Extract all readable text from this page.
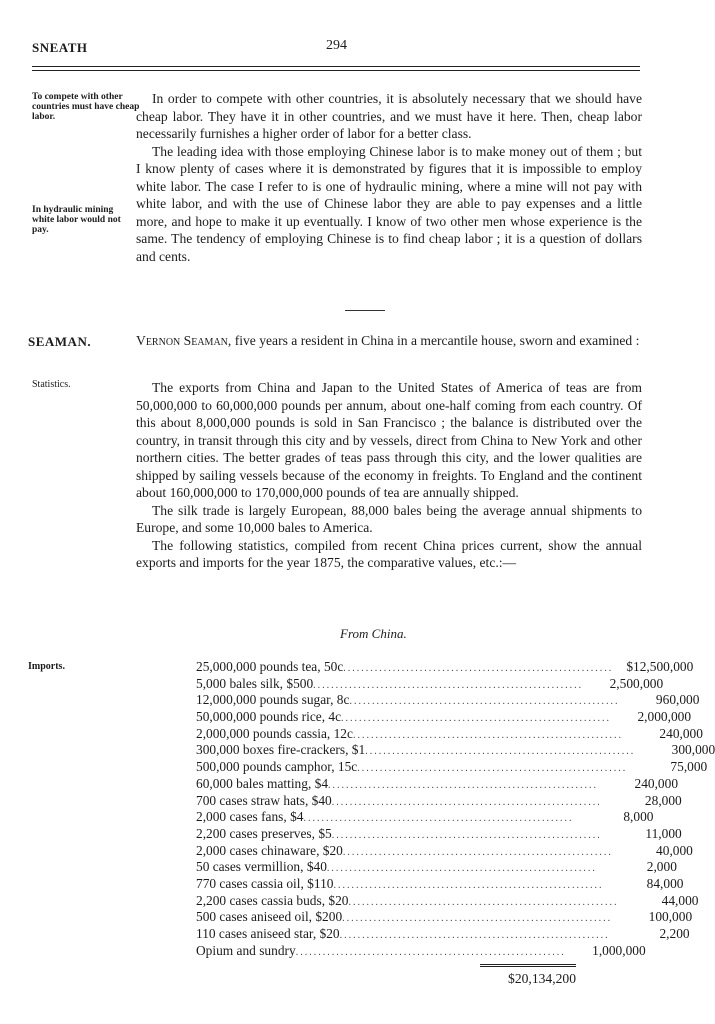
SNEATH	294
To compete with other countries must have cheap labor.
In hydraulic mining white labor would not pay.

In order to compete with other countries, it is absolutely necessary that we should have cheap labor. They have it in other countries, and we must have it here. Then, cheap labor necessarily furnishes a higher order of labor for a better class.

The leading idea with those employing Chinese labor is to make money out of them ; but I know plenty of cases where it is demonstrated by figures that it is impossible to employ white labor. The case I refer to is one of hydraulic mining, where a mine will not pay with white labor, and with the use of Chinese labor they are able to pay expenses and a little more, and hope to make it up eventually. I know of two other men whose experience is the same. The tendency of employing Chinese is to find cheap labor ; it is a question of dollars and cents.

SEAMAN.	Vernon Seaman, five years a resident in China in a mercantile house, sworn and examined :
Statistics.	The exports from China and Japan to the United States of America of teas are from 50,000,000 to 60,000,000 pounds per annum, about one-half coming from each country. Of this about 8,000,000 pounds is sold in San Francisco ; the balance is distributed over the country, in transit through this city and by vessels, direct from China to New York and other northern cities. The better grades of teas pass through this city, and the lower qualities are shipped by sailing vessels because of the economy in freights. To England and the continent about 160,000,000 to 170,000,000 pounds of tea are annually shipped.

The silk trade is largely European, 88,000 bales being the average annual shipments to Europe, and some 10,000 bales to America.

The following statistics, compiled from recent China prices current, show the annual exports and imports for the year 1875, the comparative values, etc.:—

From China.
Imports.	25,000,000 pounds tea, 50c ............................................................ $12,500,000
5,000 bales silk, $500 ............................................................	2,500,000
12,000,000 pounds sugar, 8c ............................................................	960,000
50,000,000 pounds rice, 4c ............................................................	2,000,000
2,000,000 pounds cassia, 12c ............................................................	240,000
300,000 boxes fire-crackers, $1 ............................................................	300,000
500,000 pounds camphor, 15c ............................................................	75,000
60,000 bales matting, $4 ............................................................	240,000
700 cases straw hats, $40 ............................................................	28,000
2,000 cases fans, $4 ............................................................	8,000
2,200 cases preserves, $5 ............................................................	11,000
2,000 cases chinaware, $20 ............................................................	40,000
50 cases vermillion, $40 ............................................................	2,000
770 cases cassia oil, $110 ............................................................	84,000
2,200 cases cassia buds, $20 ............................................................	44,000
500 cases aniseed oil, $200 ............................................................	100,000
110 cases aniseed star, $20 ............................................................	2,200
Opium and sundry ............................................................	1,000,000
$20,134,200
